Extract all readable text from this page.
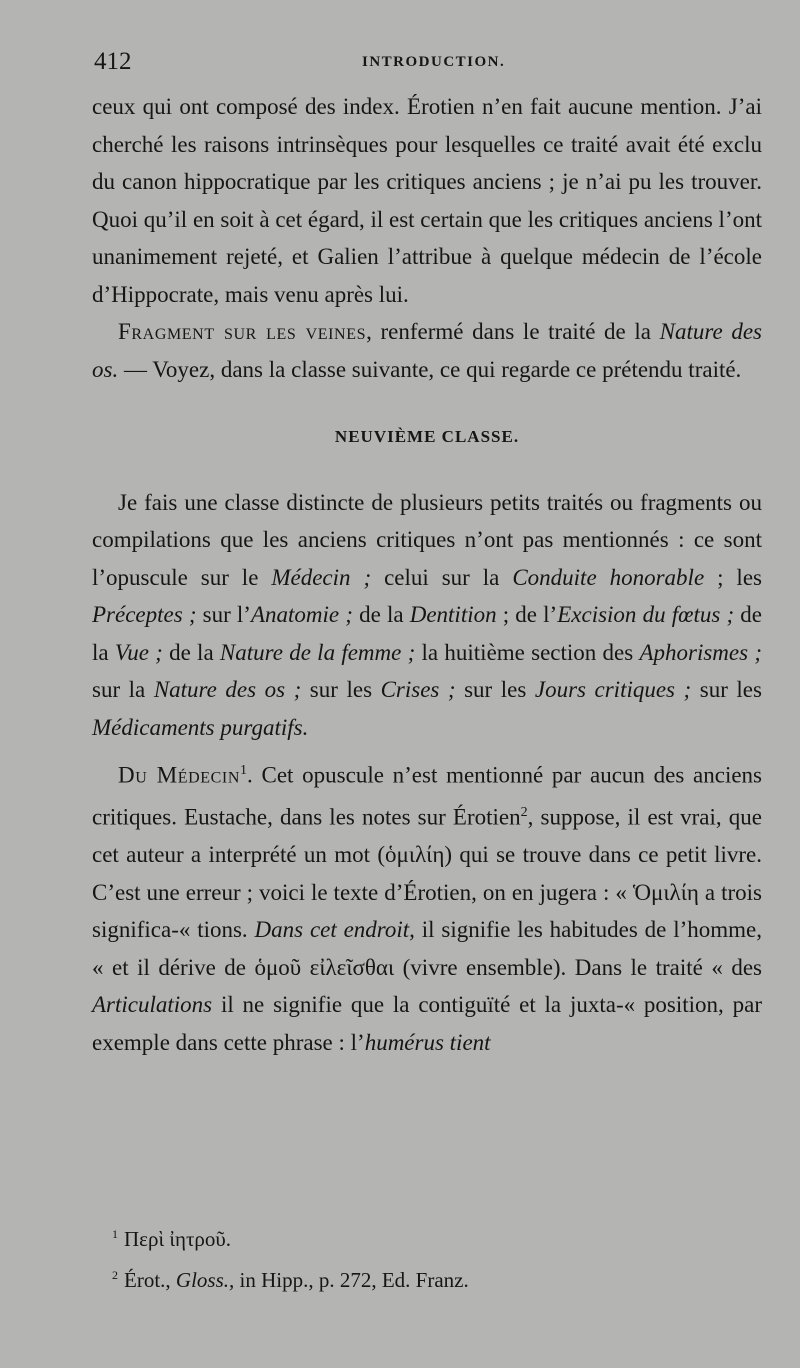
412	INTRODUCTION.

ceux qui ont composé des index. Érotien n’en fait aucune mention. J’ai cherché les raisons intrinsèques pour lesquelles ce traité avait été exclu du canon hippocratique par les critiques anciens ; je n’ai pu les trouver. Quoi qu’il en soit à cet égard, il est certain que les critiques anciens l’ont unanimement rejeté, et Galien l’attribue à quelque médecin de l’école d’Hippocrate, mais venu après lui.

Fragment sur les veines, renfermé dans le traité de la Nature des os. — Voyez, dans la classe suivante, ce qui regarde ce prétendu traité.

NEUVIÈME CLASSE.

Je fais une classe distincte de plusieurs petits traités ou fragments ou compilations que les anciens critiques n’ont pas mentionnés : ce sont l’opuscule sur le Médecin ; celui sur la Conduite honorable ; les Préceptes ; sur l’Anatomie ; de la Dentition ; de l’Excision du fœtus ; de la Vue ; de la Nature de la femme ; la huitième section des Aphorismes ; sur la Nature des os ; sur les Crises ; sur les Jours critiques ; sur les Médicaments purgatifs.

Du Médecin$^1$. Cet opuscule n’est mentionné par aucun des anciens critiques. Eustache, dans les notes sur Érotien$^2$, suppose, il est vrai, que cet auteur a interprété un mot (ὁμιλίη) qui se trouve dans ce petit livre. C’est une erreur ; voici le texte d’Érotien, on en jugera : « Ὁμιλίη a trois significa-« tions. Dans cet endroit, il signifie les habitudes de l’homme, « et il dérive de ὁμοῦ εἰλεῖσθαι (vivre ensemble). Dans le traité « des Articulations il ne signifie que la contiguïté et la juxta-« position, par exemple dans cette phrase : l’humérus tient

$^1$ Περὶ ἰητροῦ.
$^2$ Érot., Gloss., in Hipp., p. 272, Ed. Franz.
